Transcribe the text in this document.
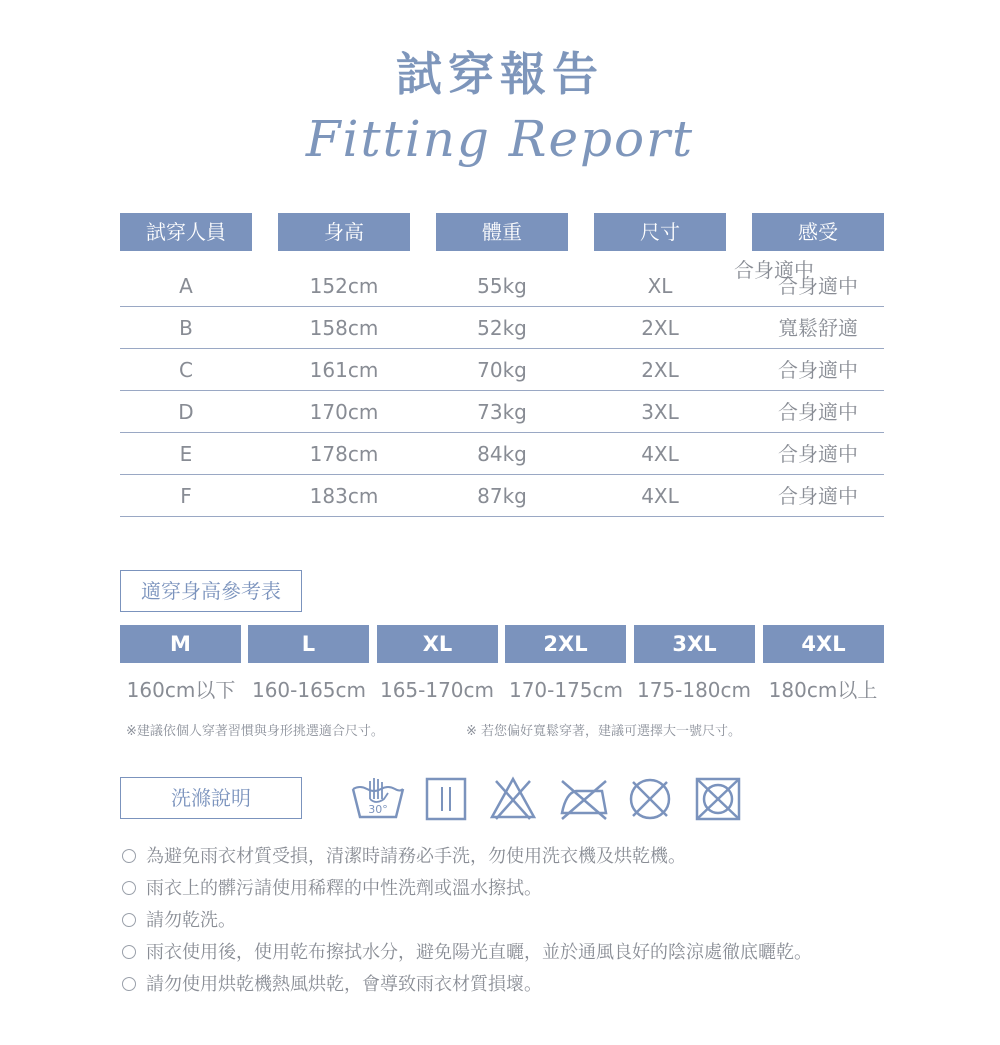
試穿報告
Fitting Report
試穿人員	身高	體重	尺寸	感受
合身適中
A	152cm	55kg	XL	合身適中
B	158cm	52kg	2XL	寬鬆舒適
C	161cm	70kg	2XL	合身適中
D	170cm	73kg	3XL	合身適中
E	178cm	84kg	4XL	合身適中
F	183cm	87kg	4XL	合身適中
適穿身高參考表
M	L	XL	2XL	3XL	4XL
160cm以下 160-165cm 165-170cm 170-175cm 175-180cm 180cm以上
※建議依個人穿著習慣與身形挑選適合尺寸。	※ 若您偏好寬鬆穿著，建議可選擇大一號尺寸。
洗滌說明	30°
為避免雨衣材質受損，清潔時請務必手洗，勿使用洗衣機及烘乾機。
雨衣上的髒污請使用稀釋的中性洗劑或溫水擦拭。
請勿乾洗。
雨衣使用後，使用乾布擦拭水分，避免陽光直曬，並於通風良好的陰涼處徹底曬乾。
請勿使用烘乾機熱風烘乾，會導致雨衣材質損壞。
